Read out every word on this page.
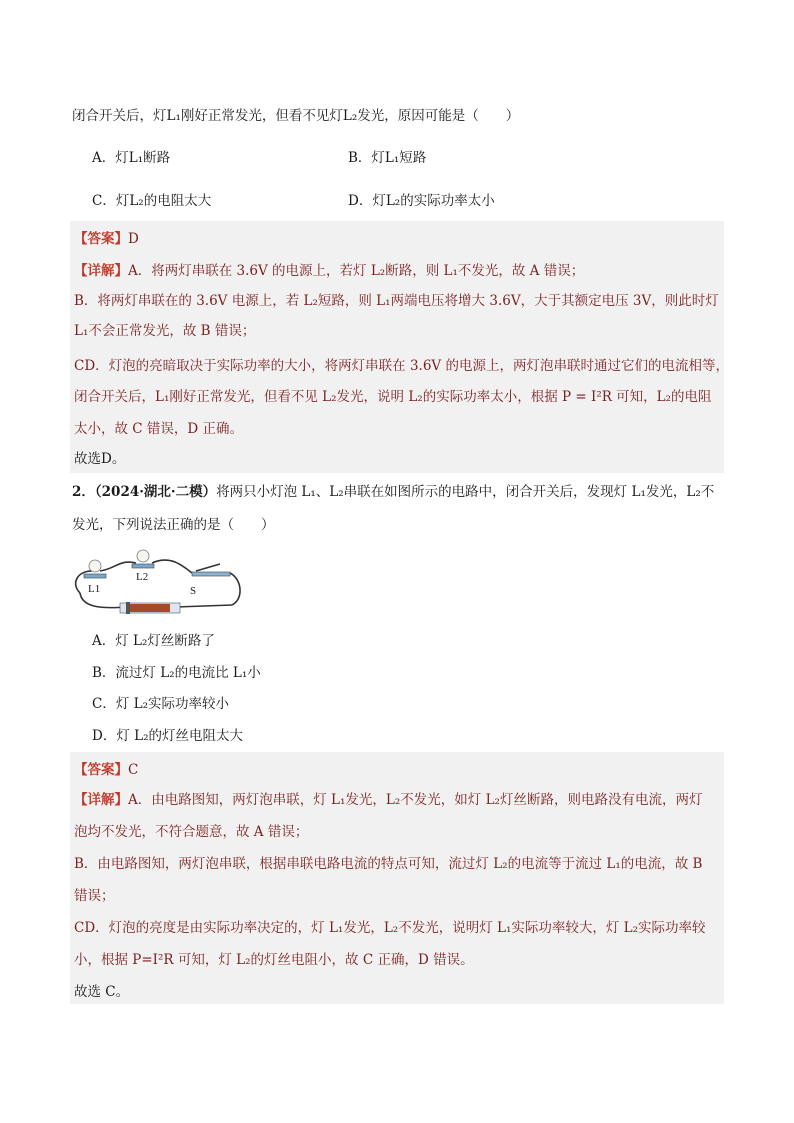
闭合开关后，灯L₁刚好正常发光，但看不见灯L₂发光，原因可能是（　　）
A．灯L₁断路	B．灯L₁短路
C．灯L₂的电阻太大	D．灯L₂的实际功率太小
【答案】D
【详解】A．将两灯串联在 3.6V 的电源上，若灯 L₂断路，则 L₁不发光，故 A 错误；
B．将两灯串联在的 3.6V 电源上，若 L₂短路，则 L₁两端电压将增大 3.6V，大于其额定电压 3V，则此时灯
L₁不会正常发光，故 B 错误；
CD．灯泡的亮暗取决于实际功率的大小，将两灯串联在 3.6V 的电源上，两灯泡串联时通过它们的电流相等，
闭合开关后，L₁刚好正常发光，但看不见 L₂发光，说明 L₂的实际功率太小，根据 P = I²R 可知，L₂的电阻
太小，故 C 错误，D 正确。
故选D。
2．（2024·湖北·二模）将两只小灯泡 L₁、L₂串联在如图所示的电路中，闭合开关后，发现灯 L₁发光，L₂不
发光，下列说法正确的是（　　）
L1
L2
S
A．灯 L₂灯丝断路了
B．流过灯 L₂的电流比 L₁小
C．灯 L₂实际功率较小
D．灯 L₂的灯丝电阻太大
【答案】C
【详解】A．由电路图知，两灯泡串联，灯 L₁发光，L₂不发光，如灯 L₂灯丝断路，则电路没有电流，两灯
泡均不发光，不符合题意，故 A 错误；
B．由电路图知，两灯泡串联，根据串联电路电流的特点可知，流过灯 L₂的电流等于流过 L₁的电流，故 B
错误；
CD．灯泡的亮度是由实际功率决定的，灯 L₁发光，L₂不发光，说明灯 L₁实际功率较大，灯 L₂实际功率较
小，根据 P=I²R 可知，灯 L₂的灯丝电阻小，故 C 正确，D 错误。
故选 C。
